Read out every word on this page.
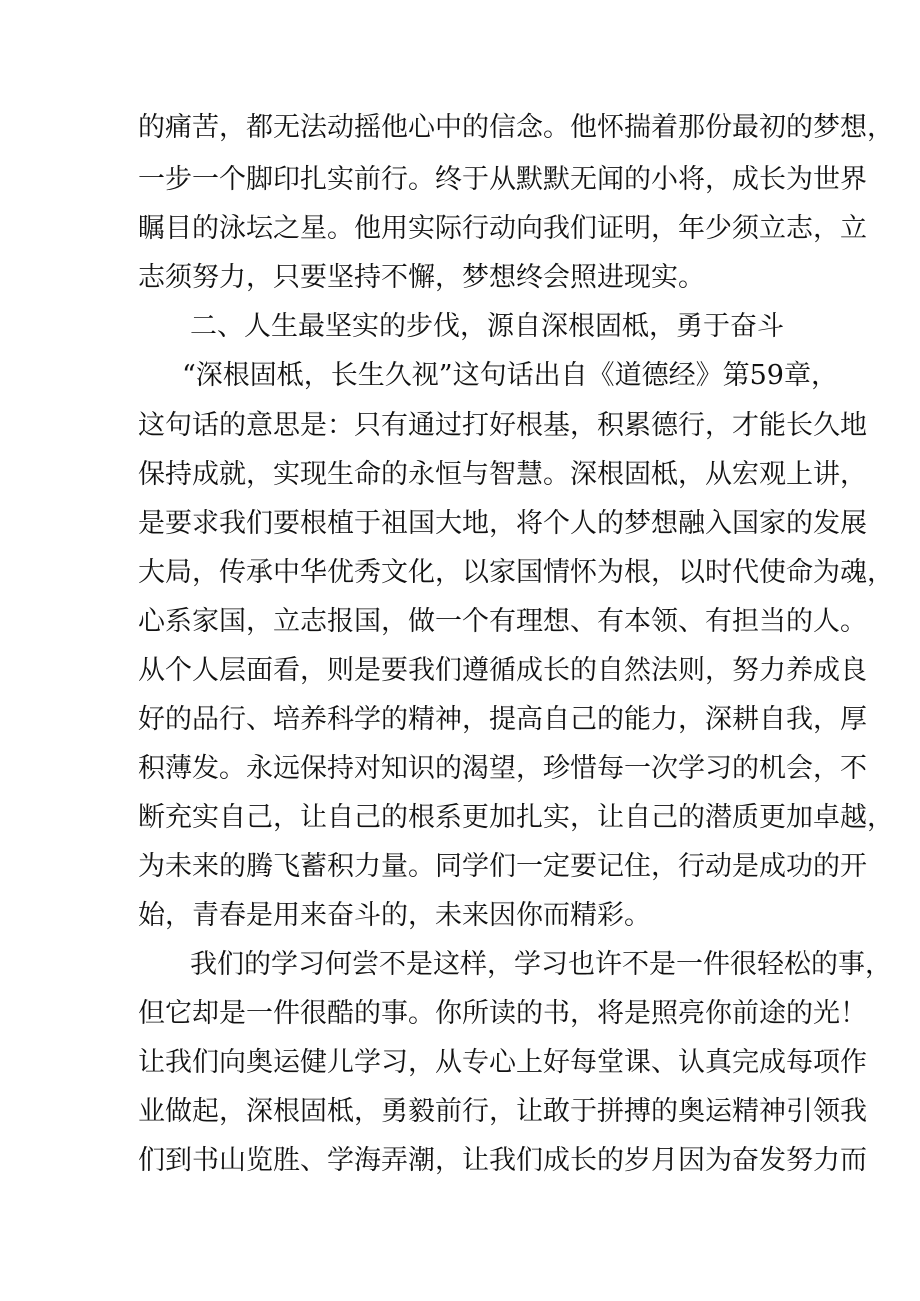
的痛苦，都无法动摇他心中的信念。他怀揣着那份最初的梦想，
一步一个脚印扎实前行。终于从默默无闻的小将，成长为世界
瞩目的泳坛之星。他用实际行动向我们证明，年少须立志，立
志须努力，只要坚持不懈，梦想终会照进现实。
二、人生最坚实的步伐，源自深根固柢，勇于奋斗
“深根固柢，长生久视”这句话出自《道德经》第59章，
这句话的意思是：只有通过打好根基，积累德行，才能长久地
保持成就，实现生命的永恒与智慧。深根固柢，从宏观上讲，
是要求我们要根植于祖国大地，将个人的梦想融入国家的发展
大局，传承中华优秀文化，以家国情怀为根，以时代使命为魂，
心系家国，立志报国，做一个有理想、有本领、有担当的人。
从个人层面看，则是要我们遵循成长的自然法则，努力养成良
好的品行、培养科学的精神，提高自己的能力，深耕自我，厚
积薄发。永远保持对知识的渴望，珍惜每一次学习的机会，不
断充实自己，让自己的根系更加扎实，让自己的潜质更加卓越，
为未来的腾飞蓄积力量。同学们一定要记住，行动是成功的开
始，青春是用来奋斗的，未来因你而精彩。
我们的学习何尝不是这样，学习也许不是一件很轻松的事，
但它却是一件很酷的事。你所读的书，将是照亮你前途的光！
让我们向奥运健儿学习，从专心上好每堂课、认真完成每项作
业做起，深根固柢，勇毅前行，让敢于拼搏的奥运精神引领我
们到书山览胜、学海弄潮，让我们成长的岁月因为奋发努力而
